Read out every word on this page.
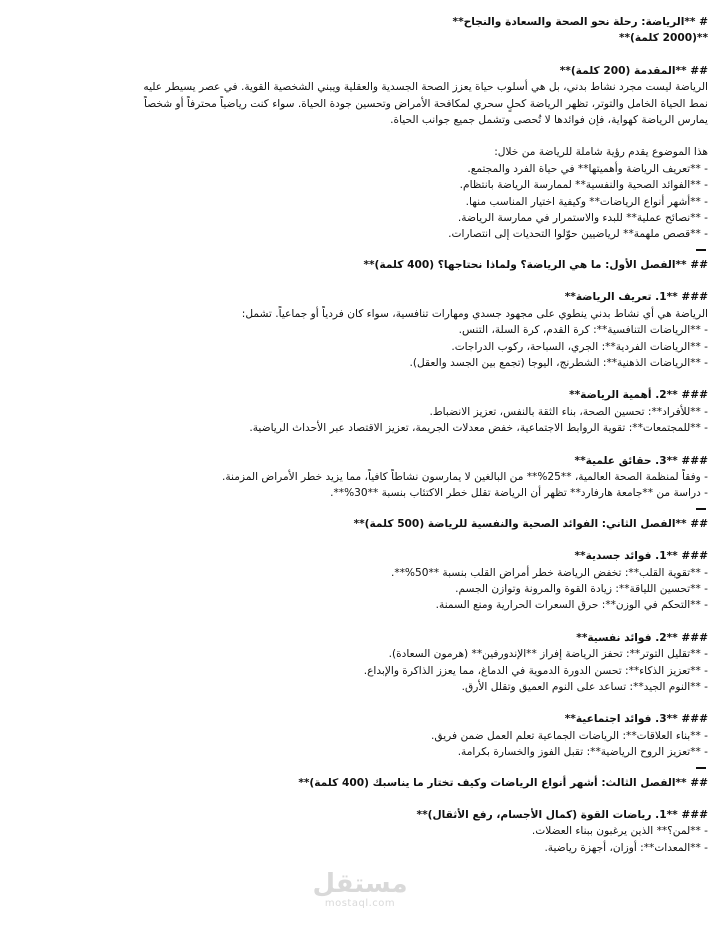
# **الرياضة: رحلة نحو الصحة والسعادة والنجاح**
**(2000 كلمة)**
## **المقدمة (200 كلمة)**
الرياضة ليست مجرد نشاط بدني، بل هي أسلوب حياة يعزز الصحة الجسدية والعقلية ويبني الشخصية القوية. في عصر يسيطر عليه
نمط الحياة الخامل والتوتر، تظهر الرياضة كحلٍ سحري لمكافحة الأمراض وتحسين جودة الحياة. سواء كنت رياضياً محترفاً أو شخصاً
يمارس الرياضة كهواية، فإن فوائدها لا تُحصى وتشمل جميع جوانب الحياة.
هذا الموضوع يقدم رؤية شاملة للرياضة من خلال:
- **تعريف الرياضة وأهميتها** في حياة الفرد والمجتمع.
- **الفوائد الصحية والنفسية** لممارسة الرياضة بانتظام.
- **أشهر أنواع الرياضات** وكيفية اختيار المناسب منها.
- **نصائح عملية** للبدء والاستمرار في ممارسة الرياضة.
- **قصص ملهمة** لرياضيين حوّلوا التحديات إلى انتصارات.
## **الفصل الأول: ما هي الرياضة؟ ولماذا نحتاجها؟ (400 كلمة)**
### **1. تعريف الرياضة**
الرياضة هي أي نشاط بدني ينطوي على مجهود جسدي ومهارات تنافسية، سواء كان فردياً أو جماعياً. تشمل:
- **الرياضات التنافسية**: كرة القدم، كرة السلة، التنس.
- **الرياضات الفردية**: الجري، السباحة، ركوب الدراجات.
- **الرياضات الذهنية**: الشطرنج، اليوجا (تجمع بين الجسد والعقل).
### **2. أهمية الرياضة**
- **للأفراد**: تحسين الصحة، بناء الثقة بالنفس، تعزيز الانضباط.
- **للمجتمعات**: تقوية الروابط الاجتماعية، خفض معدلات الجريمة، تعزيز الاقتصاد عبر الأحداث الرياضية.
### **3. حقائق علمية**
- وفقاً لمنظمة الصحة العالمية، **25%** من البالغين لا يمارسون نشاطاً كافياً، مما يزيد خطر الأمراض المزمنة.
- دراسة من **جامعة هارفارد** تظهر أن الرياضة تقلل خطر الاكتئاب بنسبة **30%**.
## **الفصل الثاني: الفوائد الصحية والنفسية للرياضة (500 كلمة)**
### **1. فوائد جسدية**
- **تقوية القلب**: تخفض الرياضة خطر أمراض القلب بنسبة **50%**.
- **تحسين اللياقة**: زيادة القوة والمرونة وتوازن الجسم.
- **التحكم في الوزن**: حرق السعرات الحرارية ومنع السمنة.
### **2. فوائد نفسية**
- **تقليل التوتر**: تحفز الرياضة إفراز **الإندورفين** (هرمون السعادة).
- **تعزيز الذكاء**: تحسن الدورة الدموية في الدماغ، مما يعزز الذاكرة والإبداع.
- **النوم الجيد**: تساعد على النوم العميق وتقلل الأرق.
### **3. فوائد اجتماعية**
- **بناء العلاقات**: الرياضات الجماعية تعلم العمل ضمن فريق.
- **تعزيز الروح الرياضية**: تقبل الفوز والخسارة بكرامة.
## **الفصل الثالث: أشهر أنواع الرياضات وكيف تختار ما يناسبك (400 كلمة)**
### **1. رياضات القوة (كمال الأجسام، رفع الأثقال)**
- **لمن؟** الذين يرغبون ببناء العضلات.
- **المعدات**: أوزان، أجهزة رياضية.
مستقل
mostaql.com
